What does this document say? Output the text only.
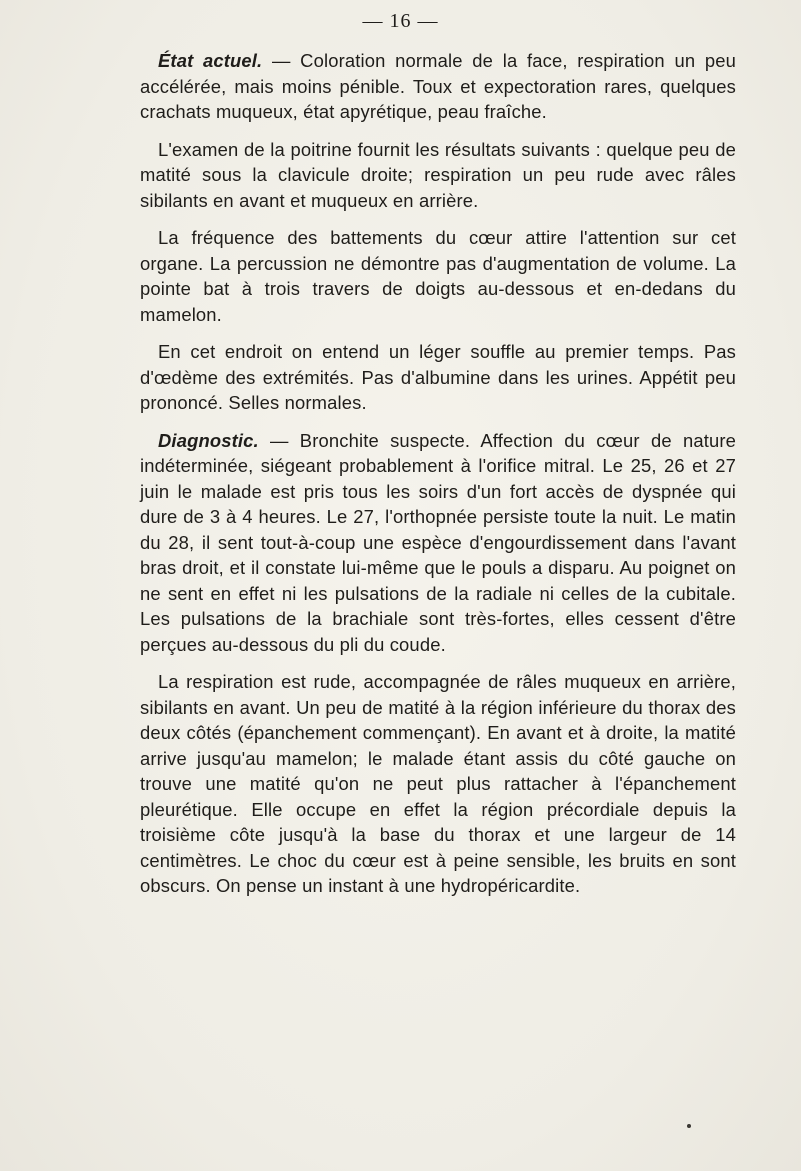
— 16 —

État actuel. — Coloration normale de la face, respiration un peu accélérée, mais moins pénible. Toux et expectoration rares, quelques crachats muqueux, état apyrétique, peau fraîche.

L'examen de la poitrine fournit les résultats suivants : quelque peu de matité sous la clavicule droite; respiration un peu rude avec râles sibilants en avant et muqueux en arrière.

La fréquence des battements du cœur attire l'attention sur cet organe. La percussion ne démontre pas d'augmentation de volume. La pointe bat à trois travers de doigts au-dessous et en-dedans du mamelon.

En cet endroit on entend un léger souffle au premier temps. Pas d'œdème des extrémités. Pas d'albumine dans les urines. Appétit peu prononcé. Selles normales.

Diagnostic. — Bronchite suspecte. Affection du cœur de nature indéterminée, siégeant probablement à l'orifice mitral. Le 25, 26 et 27 juin le malade est pris tous les soirs d'un fort accès de dyspnée qui dure de 3 à 4 heures. Le 27, l'orthopnée persiste toute la nuit. Le matin du 28, il sent tout-à-coup une espèce d'engourdissement dans l'avant bras droit, et il constate lui-même que le pouls a disparu. Au poignet on ne sent en effet ni les pulsations de la radiale ni celles de la cubitale. Les pulsations de la brachiale sont très-fortes, elles cessent d'être perçues au-dessous du pli du coude.

La respiration est rude, accompagnée de râles muqueux en arrière, sibilants en avant. Un peu de matité à la région inférieure du thorax des deux côtés (épanchement commençant). En avant et à droite, la matité arrive jusqu'au mamelon; le malade étant assis du côté gauche on trouve une matité qu'on ne peut plus rattacher à l'épanchement pleurétique. Elle occupe en effet la région précordiale depuis la troisième côte jusqu'à la base du thorax et une largeur de 14 centimètres. Le choc du cœur est à peine sensible, les bruits en sont obscurs. On pense un instant à une hydropéricardite.
